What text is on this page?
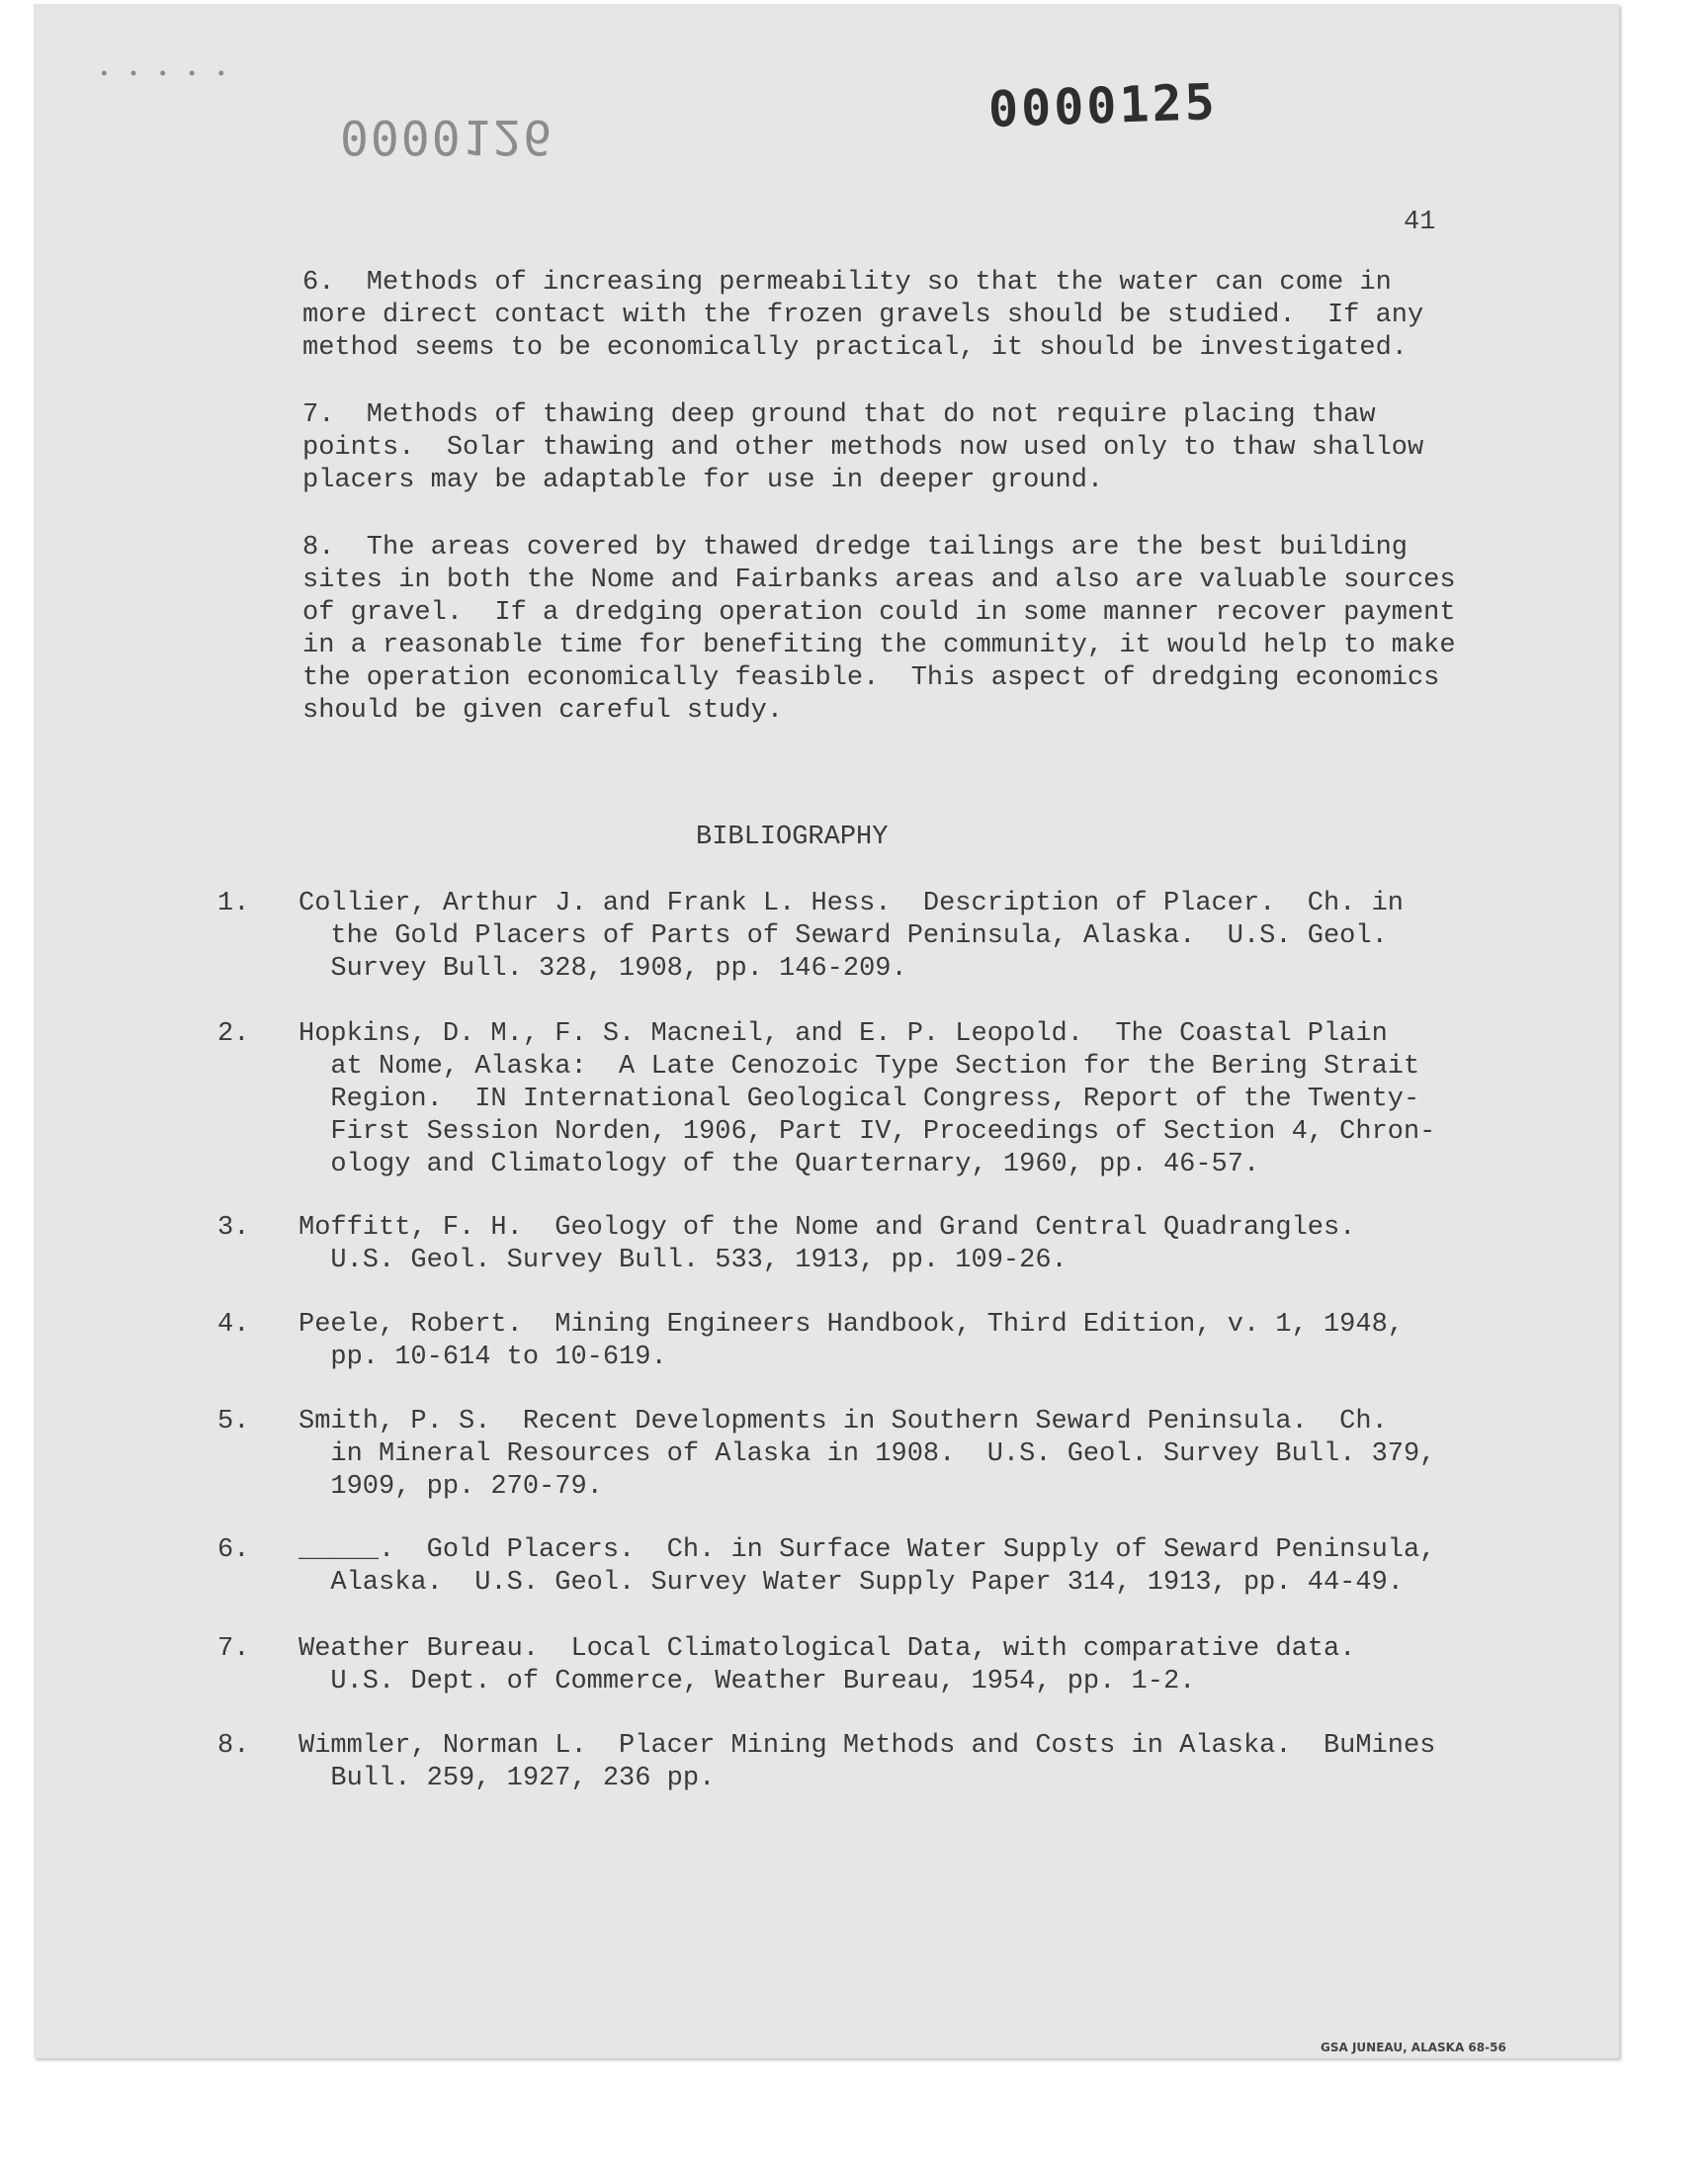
• • • • •
0000126	0000125
41
6.  Methods of increasing permeability so that the water can come in
more direct contact with the frozen gravels should be studied.  If any
method seems to be economically practical, it should be investigated.
7.  Methods of thawing deep ground that do not require placing thaw
points.  Solar thawing and other methods now used only to thaw shallow
placers may be adaptable for use in deeper ground.
8.  The areas covered by thawed dredge tailings are the best building
sites in both the Nome and Fairbanks areas and also are valuable sources
of gravel.  If a dredging operation could in some manner recover payment
in a reasonable time for benefiting the community, it would help to make
the operation economically feasible.  This aspect of dredging economics
should be given careful study.
BIBLIOGRAPHY
1. Collier, Arthur J. and Frank L. Hess.  Description of Placer.  Ch. in
the Gold Placers of Parts of Seward Peninsula, Alaska.  U.S. Geol.
Survey Bull. 328, 1908, pp. 146-209.
2. Hopkins, D. M., F. S. Macneil, and E. P. Leopold.  The Coastal Plain
at Nome, Alaska:  A Late Cenozoic Type Section for the Bering Strait
Region.  IN International Geological Congress, Report of the Twenty-
First Session Norden, 1906, Part IV, Proceedings of Section 4, Chron-
ology and Climatology of the Quarternary, 1960, pp. 46-57.
3. Moffitt, F. H.  Geology of the Nome and Grand Central Quadrangles.
U.S. Geol. Survey Bull. 533, 1913, pp. 109-26.
4. Peele, Robert.  Mining Engineers Handbook, Third Edition, v. 1, 1948,
pp. 10-614 to 10-619.
5. Smith, P. S.  Recent Developments in Southern Seward Peninsula.  Ch.
in Mineral Resources of Alaska in 1908.  U.S. Geol. Survey Bull. 379,
1909, pp. 270-79.
6. _____.  Gold Placers.  Ch. in Surface Water Supply of Seward Peninsula,
Alaska.  U.S. Geol. Survey Water Supply Paper 314, 1913, pp. 44-49.
7. Weather Bureau.  Local Climatological Data, with comparative data.
U.S. Dept. of Commerce, Weather Bureau, 1954, pp. 1-2.
8. Wimmler, Norman L.  Placer Mining Methods and Costs in Alaska.  BuMines
Bull. 259, 1927, 236 pp.
GSA JUNEAU, ALASKA 68-56
